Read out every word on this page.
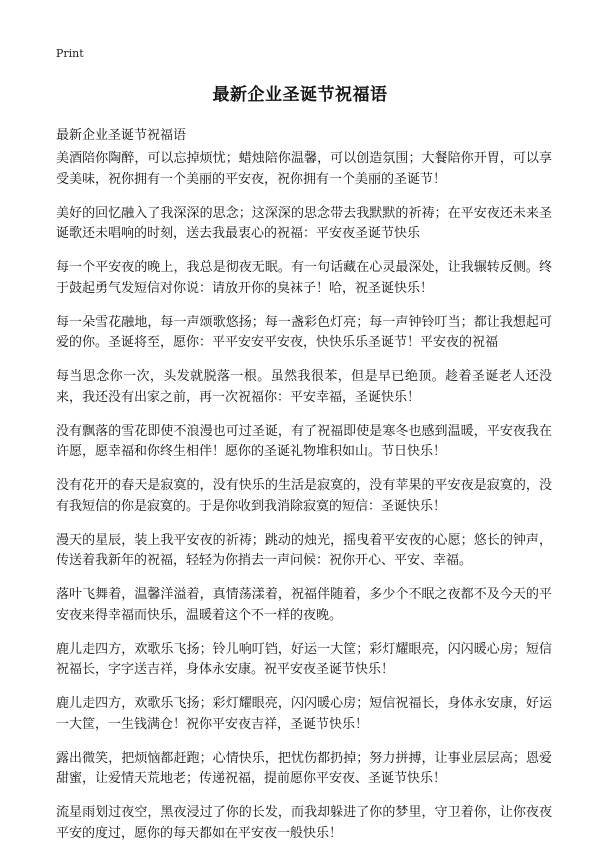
Print
最新企业圣诞节祝福语
最新企业圣诞节祝福语

美酒陪你陶醉，可以忘掉烦忧；蜡烛陪你温馨，可以创造氛围；大餐陪你开胃，可以享受美味，祝你拥有一个美丽的平安夜，祝你拥有一个美丽的圣诞节！

美好的回忆融入了我深深的思念；这深深的思念带去我默默的祈祷；在平安夜还未来圣诞歌还未唱响的时刻，送去我最衷心的祝福：平安夜圣诞节快乐

每一个平安夜的晚上，我总是彻夜无眠。有一句话藏在心灵最深处，让我辗转反侧。终于鼓起勇气发短信对你说：请放开你的臭袜子！哈，祝圣诞快乐！

每一朵雪花融地，每一声颂歌悠扬；每一盏彩色灯亮；每一声钟铃叮当；都让我想起可爱的你。圣诞将至，愿你：平平安安平安夜，快快乐乐圣诞节！平安夜的祝福

每当思念你一次，头发就脱落一根。虽然我很苯，但是早已绝顶。趁着圣诞老人还没来，我还没有出家之前，再一次祝福你：平安幸福，圣诞快乐！

没有飘落的雪花即使不浪漫也可过圣诞，有了祝福即使是寒冬也感到温暖，平安夜我在许愿，愿幸福和你终生相伴！愿你的圣诞礼物堆积如山。节日快乐！

没有花开的春天是寂寞的，没有快乐的生活是寂寞的，没有苹果的平安夜是寂寞的，没有我短信的你是寂寞的。于是你收到我消除寂寞的短信：圣诞快乐！

漫天的星辰，装上我平安夜的祈祷；跳动的烛光，摇曳着平安夜的心愿；悠长的钟声，传送着我新年的祝福，轻轻为你捎去一声问候：祝你开心、平安、幸福。

落叶飞舞着，温馨洋溢着，真情荡漾着，祝福伴随着，多少个不眠之夜都不及今天的平安夜来得幸福而快乐，温暖着这个不一样的夜晚。

鹿儿走四方，欢歌乐飞扬；铃儿响叮铛，好运一大筐；彩灯耀眼亮，闪闪暖心房；短信祝福长，字字送吉祥，身体永安康。祝平安夜圣诞节快乐！

鹿儿走四方，欢歌乐飞扬；彩灯耀眼亮，闪闪暖心房；短信祝福长，身体永安康，好运一大筐，一生钱满仓！祝你平安夜吉祥，圣诞节快乐！

露出微笑，把烦恼都赶跑；心情快乐，把忧伤都扔掉；努力拼搏，让事业层层高；恩爱甜蜜，让爱情天荒地老；传递祝福，提前愿你平安夜、圣诞节快乐！

流星雨划过夜空，黑夜浸过了你的长发，而我却躲进了你的梦里，守卫着你，让你夜夜平安的度过，愿你的每天都如在平安夜一般快乐！
